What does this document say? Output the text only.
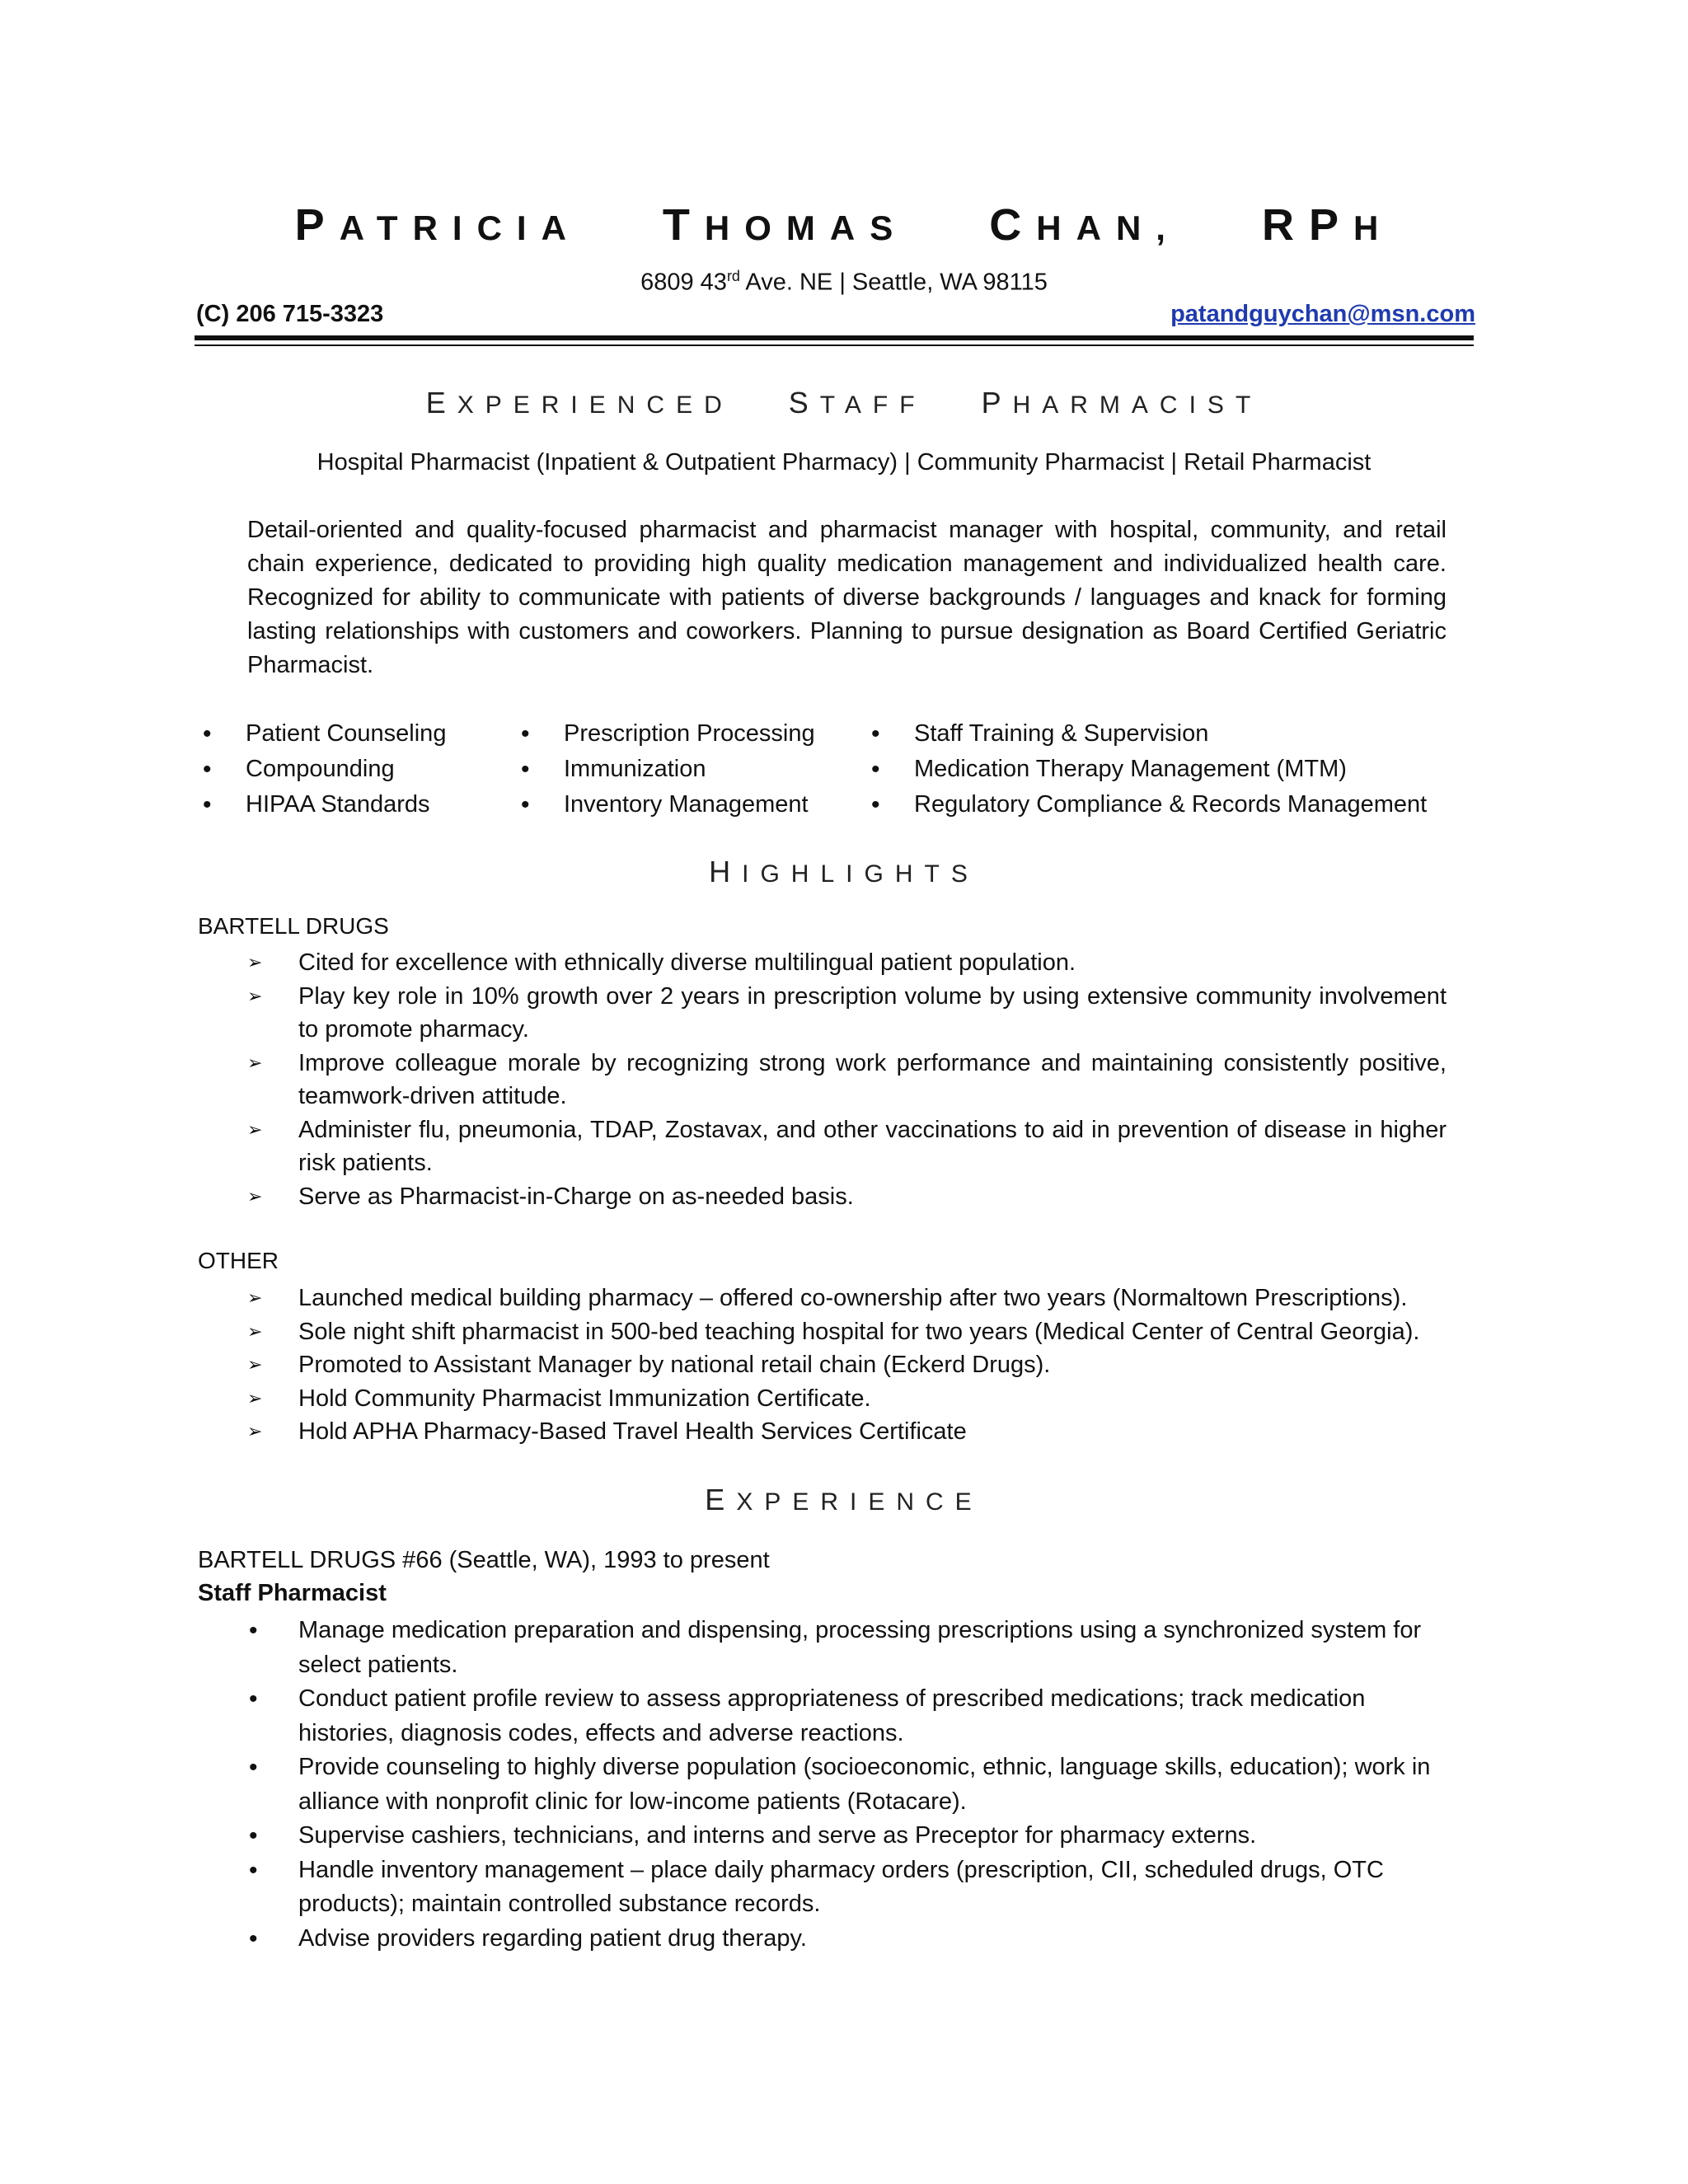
PATRICIA THOMAS CHAN, RPH
6809 43rd Ave. NE | Seattle, WA 98115
(C) 206 715-3323	patandguychan@msn.com
EXPERIENCED STAFF PHARMACIST
Hospital Pharmacist (Inpatient & Outpatient Pharmacy) | Community Pharmacist | Retail Pharmacist
Detail-oriented and quality-focused pharmacist and pharmacist manager with hospital, community, and retail chain experience, dedicated to providing high quality medication management and individualized health care. Recognized for ability to communicate with patients of diverse backgrounds / languages and knack for forming lasting relationships with customers and coworkers. Planning to pursue designation as Board Certified Geriatric Pharmacist.
• Patient Counseling
• Compounding
• HIPAA Standards
• Prescription Processing
• Immunization
• Inventory Management
• Staff Training & Supervision
• Medication Therapy Management (MTM)
• Regulatory Compliance & Records Management
HIGHLIGHTS
BARTELL DRUGS
➢ Cited for excellence with ethnically diverse multilingual patient population.
➢ Play key role in 10% growth over 2 years in prescription volume by using extensive community involvement to promote pharmacy.
➢ Improve colleague morale by recognizing strong work performance and maintaining consistently positive, teamwork-driven attitude.
➢ Administer flu, pneumonia, TDAP, Zostavax, and other vaccinations to aid in prevention of disease in higher risk patients.
➢ Serve as Pharmacist-in-Charge on as-needed basis.
OTHER
➢ Launched medical building pharmacy – offered co-ownership after two years (Normaltown Prescriptions).
➢ Sole night shift pharmacist in 500-bed teaching hospital for two years (Medical Center of Central Georgia).
➢ Promoted to Assistant Manager by national retail chain (Eckerd Drugs).
➢ Hold Community Pharmacist Immunization Certificate.
➢ Hold APHA Pharmacy-Based Travel Health Services Certificate
EXPERIENCE
BARTELL DRUGS #66 (Seattle, WA), 1993 to present
Staff Pharmacist
• Manage medication preparation and dispensing, processing prescriptions using a synchronized system for select patients.
• Conduct patient profile review to assess appropriateness of prescribed medications; track medication histories, diagnosis codes, effects and adverse reactions.
• Provide counseling to highly diverse population (socioeconomic, ethnic, language skills, education); work in alliance with nonprofit clinic for low-income patients (Rotacare).
• Supervise cashiers, technicians, and interns and serve as Preceptor for pharmacy externs.
• Handle inventory management – place daily pharmacy orders (prescription, CII, scheduled drugs, OTC products); maintain controlled substance records.
• Advise providers regarding patient drug therapy.
